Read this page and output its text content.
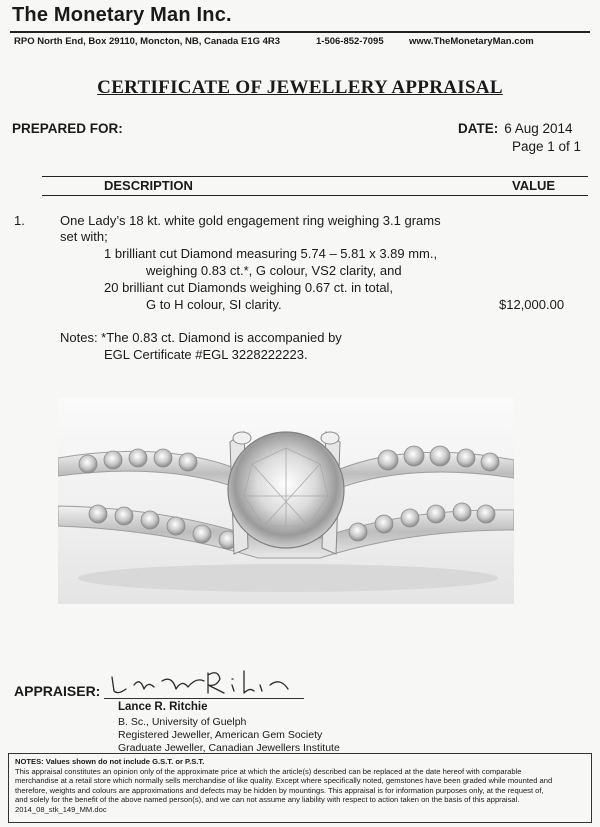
The Monetary Man Inc.
RPO North End, Box 29110, Moncton, NB, Canada E1G 4R3	1-506-852-7095	www.TheMonetaryMan.com
CERTIFICATE OF JEWELLERY APPRAISAL
PREPARED FOR:	DATE: 6 Aug 2014
Page 1 of 1
DESCRIPTION	VALUE
1.	One Lady’s 18 kt. white gold engagement ring weighing 3.1 grams
set with;
1 brilliant cut Diamond measuring 5.74 – 5.81 x 3.89 mm.,
weighing 0.83 ct.*, G colour, VS2 clarity, and
20 brilliant cut Diamonds weighing 0.67 ct. in total,
G to H colour, SI clarity.	$12,000.00
Notes: *The 0.83 ct. Diamond is accompanied by
EGL Certificate #EGL 3228222223.
APPRAISER:
Lance R. Ritchie
B. Sc., University of Guelph
Registered Jeweller, American Gem Society
Graduate Jeweller, Canadian Jewellers Institute
NOTES: Values shown do not include G.S.T. or P.S.T.
This appraisal constitutes an opinion only of the approximate price at which the article(s) described can be replaced at the date hereof with comparable
merchandise at a retail store which normally sells merchandise of like quality. Except where specifically noted, gemstones have been graded while mounted and
therefore, weights and colours are approximations and defects may be hidden by mountings. This appraisal is for information purposes only, at the request of,
and solely for the benefit of the above named person(s), and we can not assume any liability with respect to action taken on the basis of this appraisal.
2014_08_stk_149_MM.doc
